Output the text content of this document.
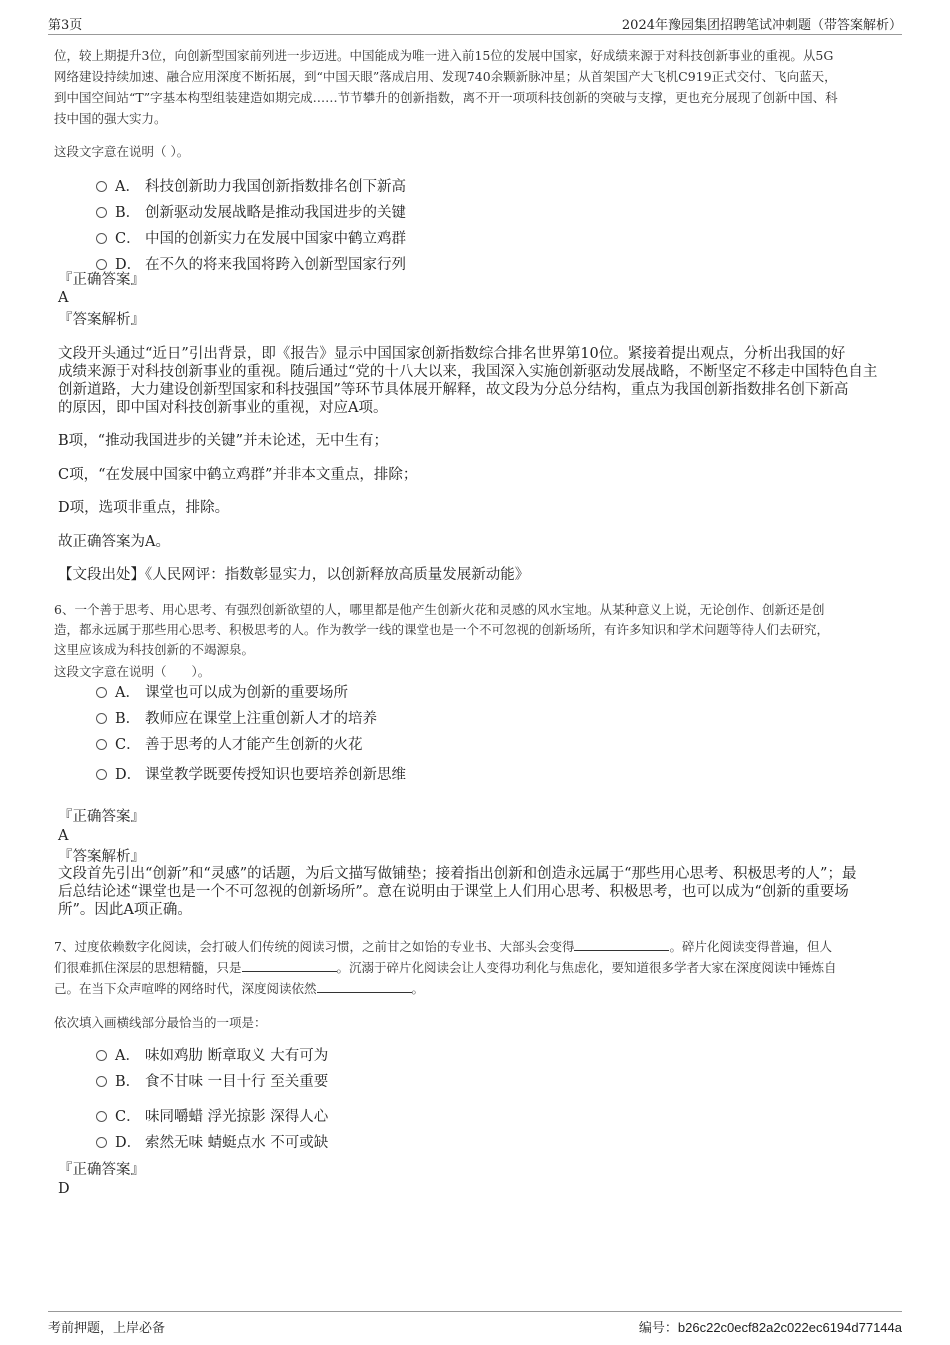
第3页	2024年豫园集团招聘笔试冲刺题（带答案解析）

位，较上期提升3位，向创新型国家前列进一步迈进。中国能成为唯一进入前15位的发展中国家，好成绩来源于对科技创新事业的重视。从5G

网络建设持续加速、融合应用深度不断拓展，到“中国天眼”落成启用、发现740余颗新脉冲星；从首架国产大飞机C919正式交付、飞向蓝天，

到中国空间站“T”字基本构型组装建造如期完成……节节攀升的创新指数，离不开一项项科技创新的突破与支撑，更也充分展现了创新中国、科

技中国的强大实力。

这段文字意在说明（ ）。
A． 科技创新助力我国创新指数排名创下新高
B． 创新驱动发展战略是推动我国进步的关键
C． 中国的创新实力在发展中国家中鹤立鸡群
D． 在不久的将来我国将跨入创新型国家行列
『正确答案』
A
『答案解析』

文段开头通过“近日”引出背景，即《报告》显示中国国家创新指数综合排名世界第10位。紧接着提出观点，分析出我国的好

成绩来源于对科技创新事业的重视。随后通过“党的十八大以来，我国深入实施创新驱动发展战略，不断坚定不移走中国特色自主

创新道路，大力建设创新型国家和科技强国”等环节具体展开解释，故文段为分总分结构，重点为我国创新指数排名创下新高

的原因，即中国对科技创新事业的重视，对应A项。

B项，“推动我国进步的关键”并未论述，无中生有；
C项，“在发展中国家中鹤立鸡群”并非本文重点，排除；
D项，选项非重点，排除。
故正确答案为A。
【文段出处】《人民网评：指数彰显实力，以创新释放高质量发展新动能》

6、一个善于思考、用心思考、有强烈创新欲望的人，哪里都是他产生创新火花和灵感的风水宝地。从某种意义上说，无论创作、创新还是创

造，都永远属于那些用心思考、积极思考的人。作为教学一线的课堂也是一个不可忽视的创新场所，有许多知识和学术问题等待人们去研究，

这里应该成为科技创新的不竭源泉。

这段文字意在说明（　　）。
A． 课堂也可以成为创新的重要场所
B． 教师应在课堂上注重创新人才的培养
C． 善于思考的人才能产生创新的火花
D． 课堂教学既要传授知识也要培养创新思维
『正确答案』
A
『答案解析』

文段首先引出“创新”和“灵感”的话题，为后文描写做铺垫；接着指出创新和创造永远属于“那些用心思考、积极思考的人”；最

后总结论述“课堂也是一个不可忽视的创新场所”。意在说明由于课堂上人们用心思考、积极思考，也可以成为“创新的重要场

所”。因此A项正确。

7、过度依赖数字化阅读，会打破人们传统的阅读习惯，之前甘之如饴的专业书、大部头会变得	。碎片化阅读变得普遍，但人

们很难抓住深层的思想精髓，只是	。沉溺于碎片化阅读会让人变得功利化与焦虑化，要知道很多学者大家在深度阅读中锤炼自

己。在当下众声喧哗的网络时代，深度阅读依然	。

依次填入画横线部分最恰当的一项是：
A． 味如鸡肋 断章取义 大有可为
B． 食不甘味 一目十行 至关重要
C． 味同嚼蜡 浮光掠影 深得人心
D． 索然无味 蜻蜓点水 不可或缺
『正确答案』
D
考前押题，上岸必备	编号：b26c22c0ecf82a2c022ec6194d77144a
